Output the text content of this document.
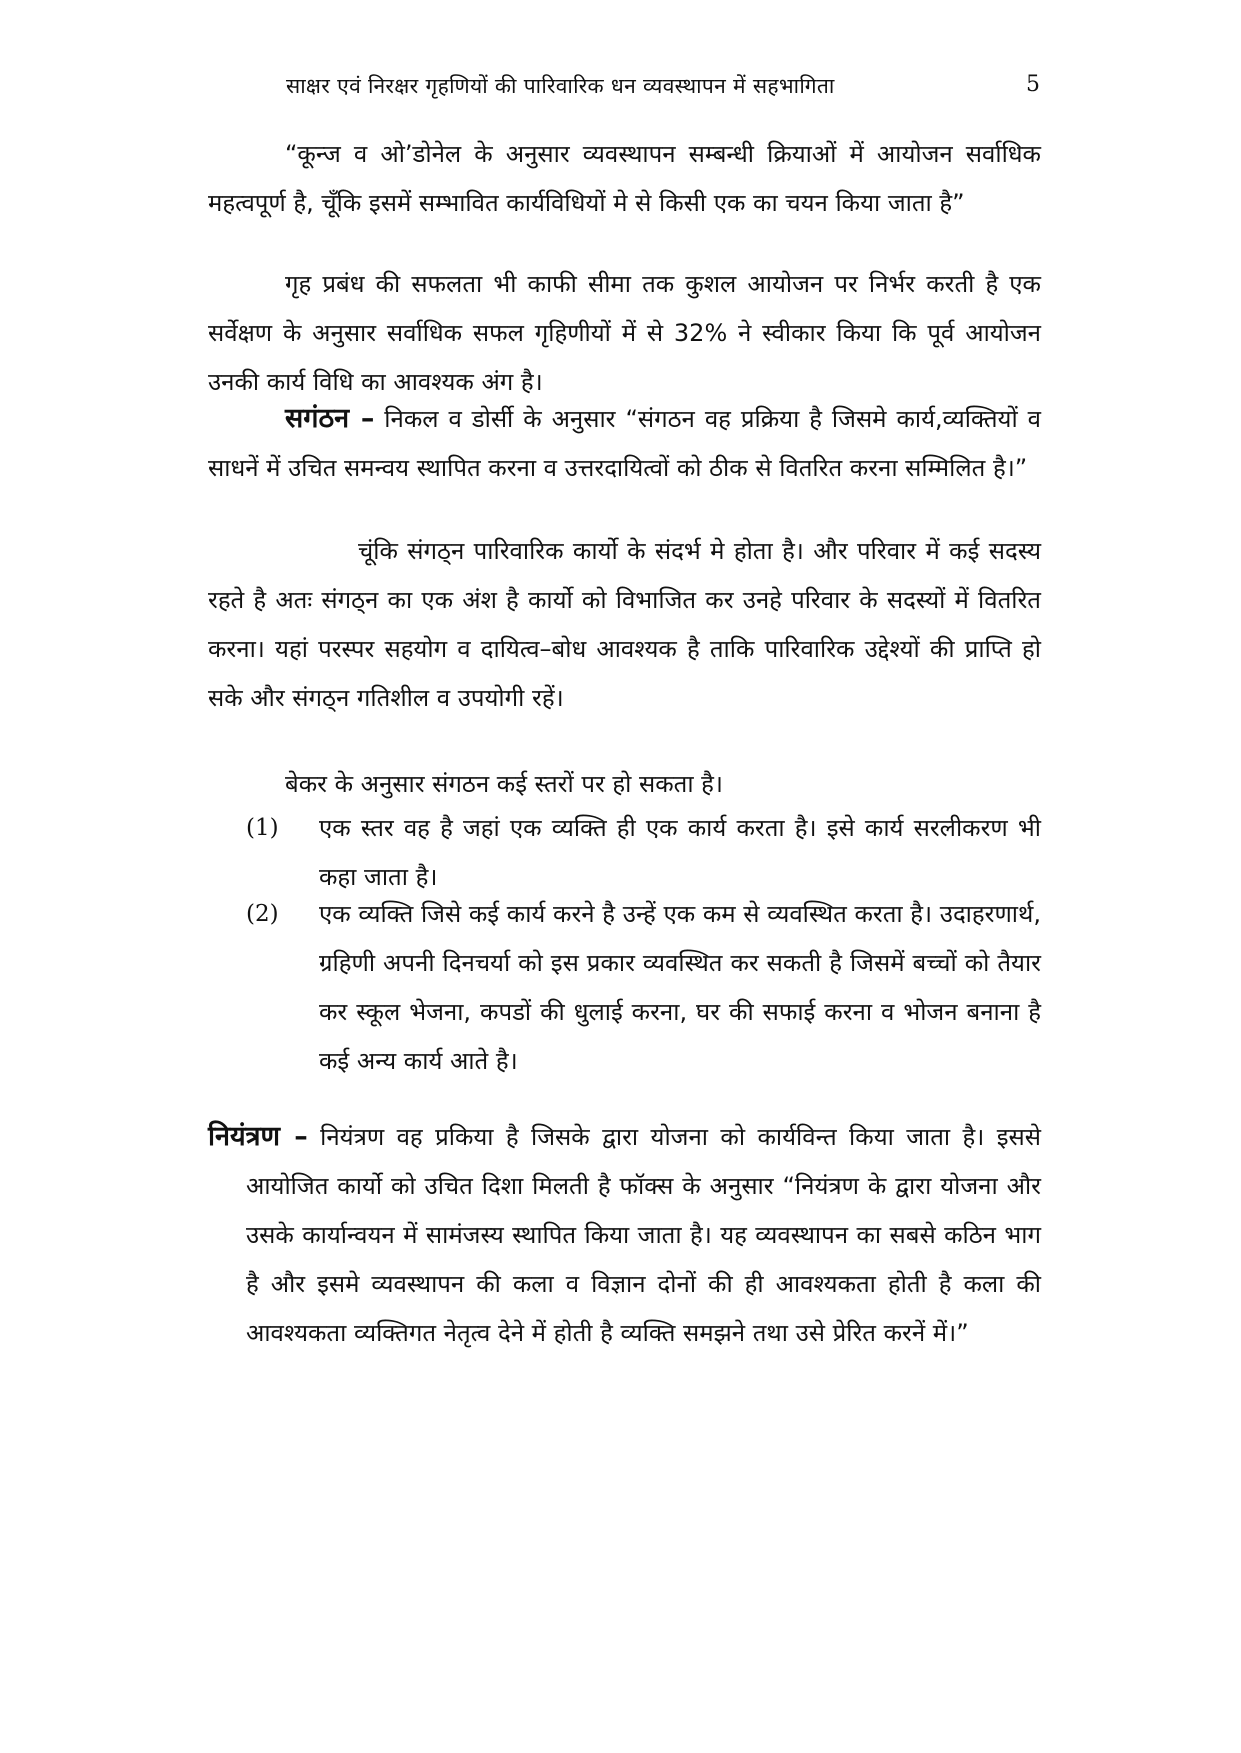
साक्षर एवं निरक्षर गृहणियों की पारिवारिक धन व्यवस्थापन में सहभागिता	5

“कून्ज व ओ’डोनेल के अनुसार व्यवस्थापन सम्बन्धी क्रियाओं में आयोजन सर्वाधिक महत्वपूर्ण है, चूँकि इसमें सम्भावित कार्यविधियों मे से किसी एक का चयन किया जाता है”

गृह प्रबंध की सफलता भी काफी सीमा तक कुशल आयोजन पर निर्भर करती है एक सर्वेक्षण के अनुसार सर्वाधिक सफल गृहिणीयों में से 32% ने स्वीकार किया कि पूर्व आयोजन उनकी कार्य विधि का आवश्यक अंग है।

सगंठन – निकल व डोर्सी के अनुसार “संगठन वह प्रक्रिया है जिसमे कार्य,व्यक्तियों व साधनें में उचित समन्वय स्थापित करना व उत्तरदायित्वों को ठीक से वितरित करना सम्मिलित है।”

चूंकि संगठ्न पारिवारिक कार्यो के संदर्भ मे होता है। और परिवार में कई सदस्य रहते है अतः संगठ्न का एक अंश है कार्यो को विभाजित कर उनहे परिवार के सदस्यों में वितरित करना। यहां परस्पर सहयोग व दायित्व–बोध आवश्यक है ताकि पारिवारिक उद्देश्यों की प्राप्ति हो सके और संगठ्न गतिशील व उपयोगी रहें।

बेकर के अनुसार संगठन कई स्तरों पर हो सकता है।

(1) एक स्तर वह है जहां एक व्यक्ति ही एक कार्य करता है। इसे कार्य सरलीकरण भी कहा जाता है।
(2) एक व्यक्ति जिसे कई कार्य करने है उन्हें एक कम से व्यवस्थित करता है। उदाहरणार्थ, ग्रहिणी अपनी दिनचर्या को इस प्रकार व्यवस्थित कर सकती है जिसमें बच्चों को तैयार कर स्कूल भेजना, कपडों की धुलाई करना, घर की सफाई करना व भोजन बनाना है कई अन्य कार्य आते है।

नियंत्रण – नियंत्रण वह प्रकिया है जिसके द्वारा योजना को कार्यविन्त किया जाता है। इससे आयोजित कार्यो को उचित दिशा मिलती है फॉक्स के अनुसार “नियंत्रण के द्वारा योजना और उसके कार्यान्वयन में सामंजस्य स्थापित किया जाता है। यह व्यवस्थापन का सबसे कठिन भाग है और इसमे व्यवस्थापन की कला व विज्ञान दोनों की ही आवश्यकता होती है कला की आवश्यकता व्यक्तिगत नेतृत्व देने में होती है व्यक्ति समझने तथा उसे प्रेरित करनें में।”
